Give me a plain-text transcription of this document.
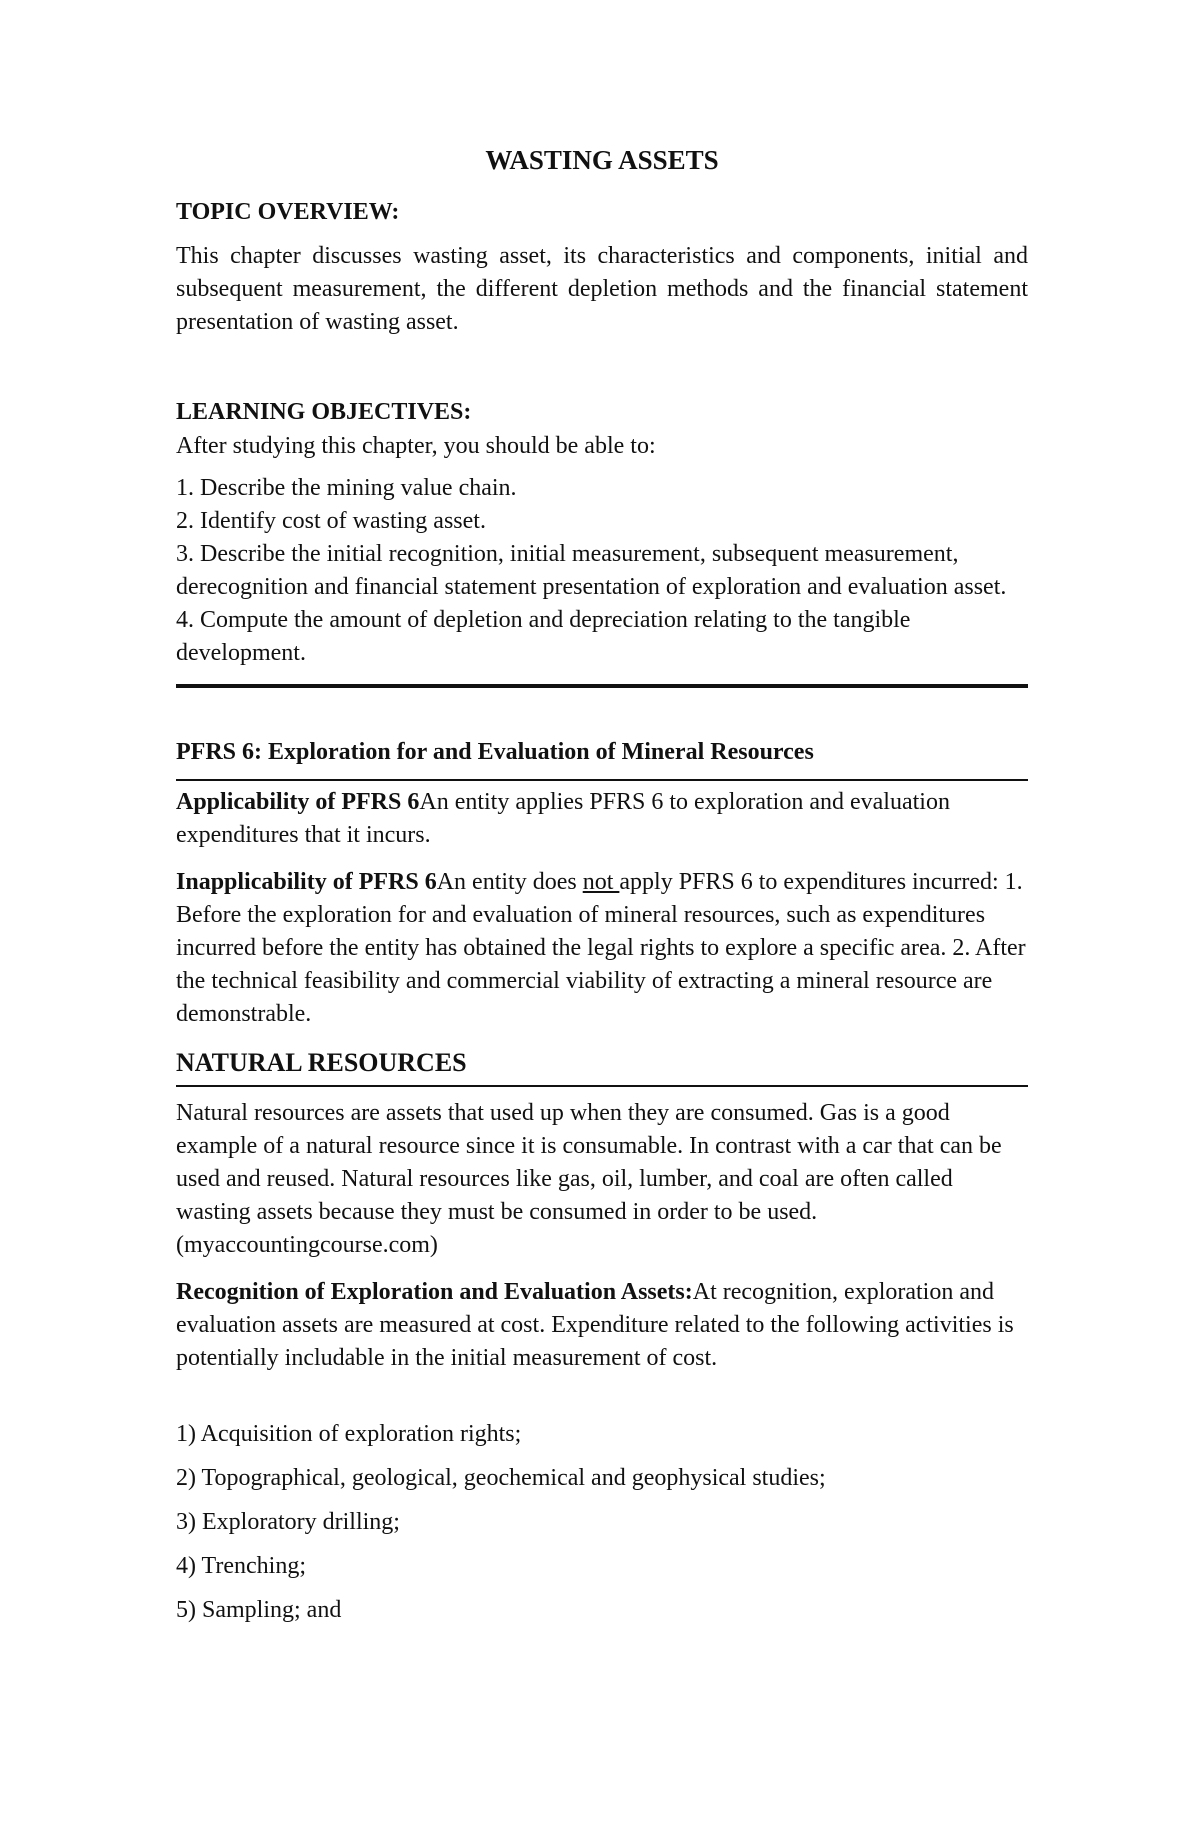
WASTING ASSETS
TOPIC OVERVIEW:
This chapter discusses wasting asset, its characteristics and components, initial and subsequent measurement, the different depletion methods and the financial statement presentation of wasting asset.
LEARNING OBJECTIVES:
After studying this chapter, you should be able to:
1. Describe the mining value chain.
2. Identify cost of wasting asset.
3. Describe the initial recognition, initial measurement, subsequent measurement, derecognition and financial statement presentation of exploration and evaluation asset. 4. Compute the amount of depletion and depreciation relating to the tangible development.
PFRS 6: Exploration for and Evaluation of Mineral Resources
Applicability of PFRS 6An entity applies PFRS 6 to exploration and evaluation expenditures that it incurs.
Inapplicability of PFRS 6An entity does not apply PFRS 6 to expenditures incurred: 1. Before the exploration for and evaluation of mineral resources, such as expenditures incurred before the entity has obtained the legal rights to explore a specific area. 2. After the technical feasibility and commercial viability of extracting a mineral resource are demonstrable.
NATURAL RESOURCES
Natural resources are assets that used up when they are consumed. Gas is a good example of a natural resource since it is consumable. In contrast with a car that can be used and reused. Natural resources like gas, oil, lumber, and coal are often called wasting assets because they must be consumed in order to be used. (myaccountingcourse.com)
Recognition of Exploration and Evaluation Assets:At recognition, exploration and evaluation assets are measured at cost. Expenditure related to the following activities is potentially includable in the initial measurement of cost.
1) Acquisition of exploration rights;
2) Topographical, geological, geochemical and geophysical studies;
3) Exploratory drilling;
4) Trenching;
5) Sampling; and
